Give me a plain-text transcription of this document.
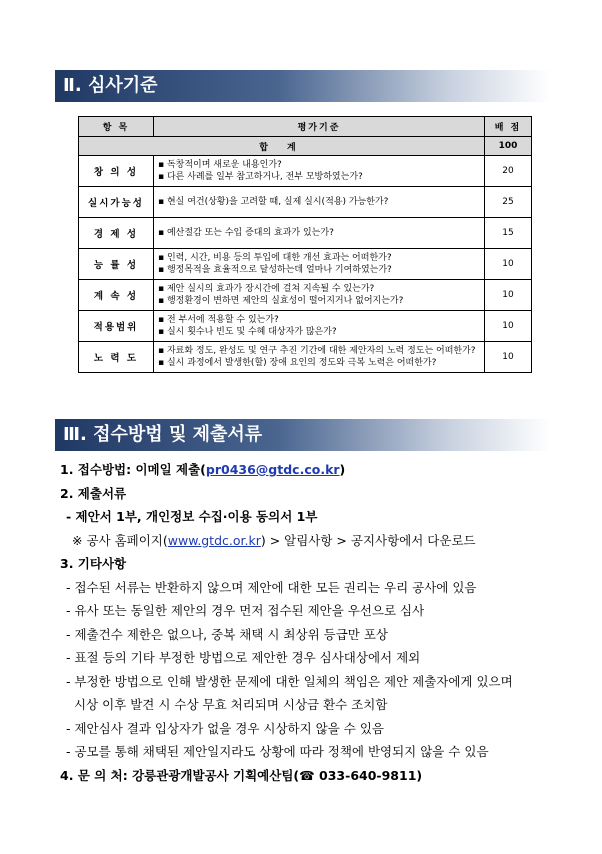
Ⅱ. 심사기준
항 목	평가기준	배 점
합 계		100
창 의 성	▪ 독창적이며 새로운 내용인가?
▪ 다른 사례를 일부 참고하거나, 전부 모방하였는가?	20
실시가능성	▪ 현실 여건(상황)을 고려할 때, 실제 실시(적용) 가능한가?	25
경 제 성	▪ 예산절감 또는 수입 증대의 효과가 있는가?	15
능 률 성	▪ 인력, 시간, 비용 등의 투입에 대한 개선 효과는 어떠한가?
▪ 행정목적을 효율적으로 달성하는데 얼마나 기여하였는가?	10
계 속 성	▪ 제안 실시의 효과가 장시간에 걸쳐 지속될 수 있는가?
▪ 행정환경이 변하면 제안의 실효성이 떨어지거나 없어지는가?	10
적용범위	▪ 전 부서에 적용할 수 있는가?
▪ 실시 횟수나 빈도 및 수혜 대상자가 많은가?	10
노 력 도	▪ 자료화 정도, 완성도 및 연구 추진 기간에 대한 제안자의 노력 정도는 어떠한가?
▪ 실시 과정에서 발생한(할) 장애 요인의 정도와 극복 노력은 어떠한가?	10
Ⅲ. 접수방법 및 제출서류
1. 접수방법: 이메일 제출(pr0436@gtdc.co.kr)
2. 제출서류
- 제안서 1부, 개인정보 수집·이용 동의서 1부
※ 공사 홈페이지(www.gtdc.or.kr) > 알림사항 > 공지사항에서 다운로드
3. 기타사항
- 접수된 서류는 반환하지 않으며 제안에 대한 모든 권리는 우리 공사에 있음
- 유사 또는 동일한 제안의 경우 먼저 접수된 제안을 우선으로 심사
- 제출건수 제한은 없으나, 중복 채택 시 최상위 등급만 포상
- 표절 등의 기타 부정한 방법으로 제안한 경우 심사대상에서 제외
- 부정한 방법으로 인해 발생한 문제에 대한 일체의 책임은 제안 제출자에게 있으며
시상 이후 발견 시 수상 무효 처리되며 시상금 환수 조치함
- 제안심사 결과 입상자가 없을 경우 시상하지 않을 수 있음
- 공모를 통해 채택된 제안일지라도 상황에 따라 정책에 반영되지 않을 수 있음
4. 문 의 처: 강릉관광개발공사 기획예산팀(☎ 033-640-9811)
